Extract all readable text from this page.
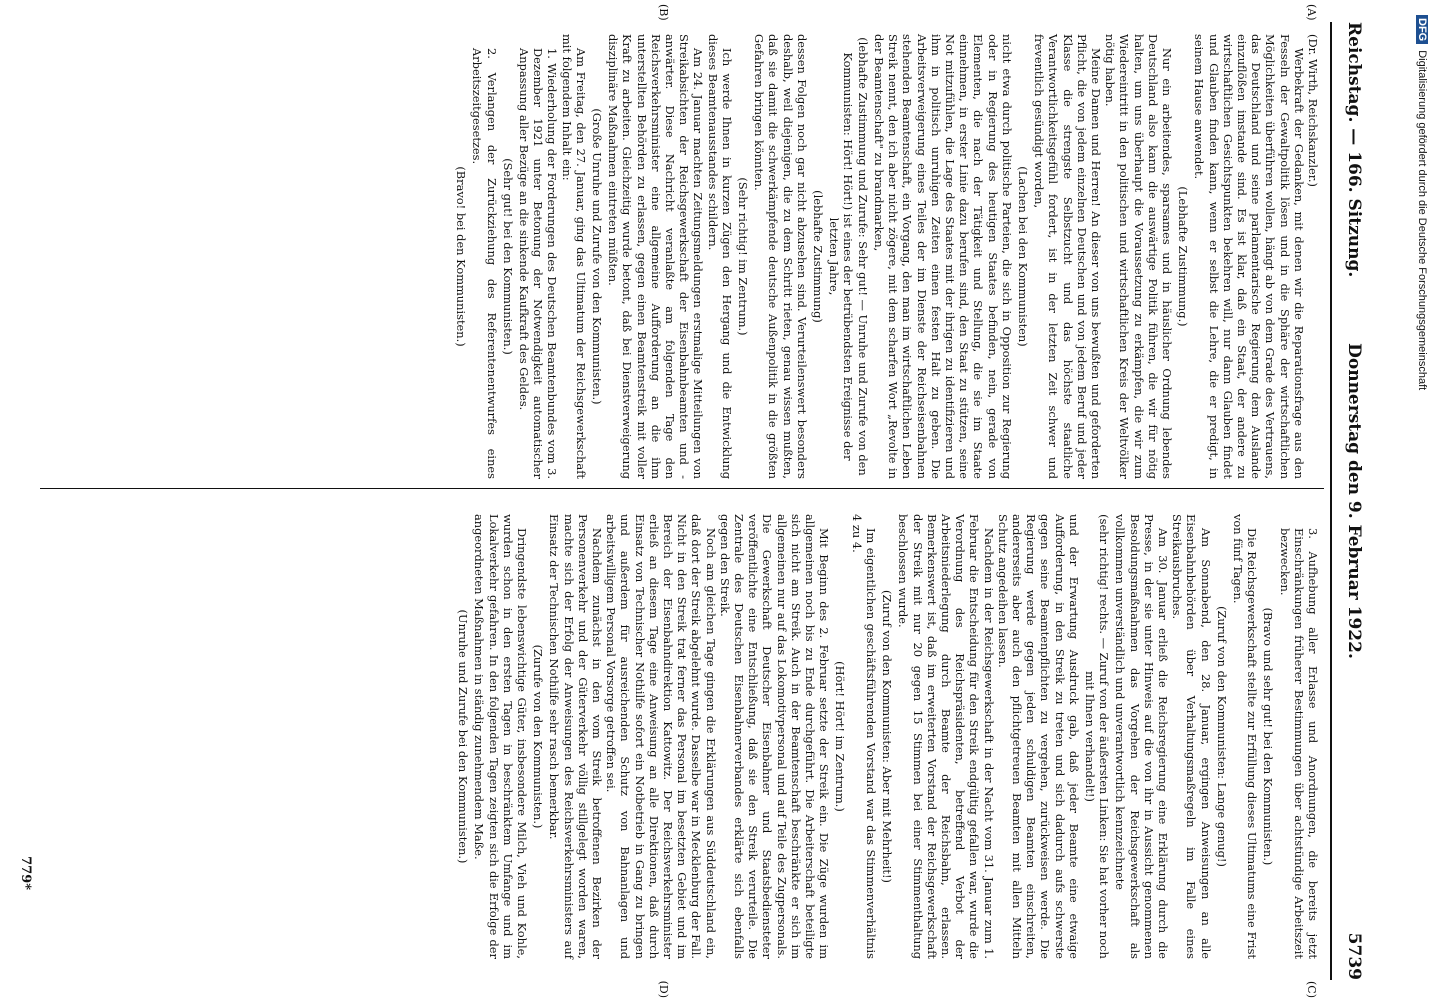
Reichstag. — 166. Sitzung.
Donnerstag den 9. Februar 1922.
5739
(A)
(B)
(C)
(D)

(Dr. Wirth, Reichskanzler.)

Werbekraft der Gedanken, mit denen wir die Reparationsfrage aus den Fesseln der Gewaltpolitik lösen und in die Sphäre der wirtschaftlichen Möglichkeiten überführen wollen, hängt ab von dem Grade des Vertrauens, das Deutschland und seine parlamentarische Regierung dem Auslande einzuflößen imstande sind. Es ist klar, daß ein Staat, der andere zu wirtschaftlichen Gesichtspunkten bekehren will, nur dann Glauben findet und Glauben finden kann, wenn er selbst die Lehre, die er predigt, in seinem Hause anwendet.

(Lebhafte Zustimmung.)

Nur ein arbeitendes, sparsames und in häuslicher Ordnung lebendes Deutschland also kann die auswärtige Politik führen, die wir für nötig halten, um uns überhaupt die Voraussetzung zu erkämpfen, die wir zum Wiedereintritt in den politischen und wirtschaftlichen Kreis der Weltvölker nötig haben.

Meine Damen und Herren! An dieser von uns bewußten und geforderten Pflicht, die von jedem einzelnen Deutschen und von jedem Beruf und jeder Klasse die strengste Selbstzucht und das höchste staatliche Verantwortlichkeitsgefühl fordert, ist in der letzten Zeit schwer und freventlich gesündigt worden,

(Lachen bei den Kommunisten)

nicht etwa durch politische Parteien, die sich in Opposition zur Regierung oder in Regierung des heutigen Staates befinden, nein, gerade von Elementen, die nach der Tätigkeit und Stellung, die sie im Staate einnehmen, in erster Linie dazu berufen sind, den Staat zu stützen, seine Not mitzufühlen, die Lage des Staates mit der ihrigen zu identifizieren und ihm in politisch unruhigen Zeiten einen festen Halt zu geben. Die Arbeitsverweigerung eines Teiles der im Dienste der Reichseisenbahnen stehenden Beamtenschaft, ein Vorgang, den man im wirtschaftlichen Leben Streik nennt, den ich aber nicht zögere, mit dem scharfen Wort „Revolte in der Beamtenschaft" zu brandmarken,

(lebhafte Zustimmung und Zurufe: Sehr gut! — Unruhe und Zurufe von den Kommunisten: Hört! Hört!) ist eines der betrübendsten Ereignisse der letzten Jahre,

(lebhafte Zustimmung)

dessen Folgen noch gar nicht abzusehen sind. Verurteilenswert besonders deshalb, weil diejenigen, die zu dem Schritt rieten, genau wissen mußten, daß sie damit die schwerkämpfende deutsche Außenpolitik in die größten Gefahren bringen könnten.

(Sehr richtig! im Zentrum.)

Ich werde Ihnen in kurzen Zügen den Hergang und die Entwicklung dieses Beamtenausstandes schildern.

Am 24. Januar machten Zeitungsmeldungen erstmalige Mitteilungen von Streikabsichten der Reichsgewerkschaft der Eisenbahnbeamten und -anwärter. Diese Nachricht veranlaßte am folgenden Tage den Reichsverkehrsminister eine allgemeine Aufforderung an die ihm unterstellten Behörden zu erlassen, gegen einen Beamtenstreik mit voller Kraft zu arbeiten. Gleichzeitig wurde betont, daß bei Dienstverweigerung disziplinäre Maßnahmen eintreten müßten.

(Große Unruhe und Zurufe von den Kommunisten.)

Am Freitag, den 27. Januar, ging das Ultimatum der Reichsgewerkschaft mit folgendem Inhalt ein:

1. Wiederholung der Forderungen des Deutschen Beamtenbundes vom 3. Dezember 1921 unter Betonung der Notwendigkeit automatischer Anpassung aller Bezüge an die sinkende Kaufkraft des Geldes.

(Sehr gut! bei den Kommunisten.)

2. Verlangen der Zurückziehung des Referentenentwurfes eines Arbeitszeitgesetzes.

(Bravo! bei den Kommunisten.)

3. Aufhebung aller Erlasse und Anordnungen, die bereits jetzt Einschränkungen früherer Bestimmungen über achtstündige Arbeitszeit bezwecken.

(Bravo und sehr gut! bei den Kommunisten.)

Die Reichsgewerkschaft stellte zur Erfüllung dieses Ultimatums eine Frist von fünf Tagen.

(Zuruf von den Kommunisten: Lange genug!)

Am Sonnabend, den 28. Januar, ergingen Anweisungen an alle Eisenbahnbehörden über Verhaltungsmaßregeln im Falle eines Streikausbruches.

Am 30. Januar erließ die Reichsregierung eine Erklärung durch die Presse, in der sie unter Hinweis auf die von ihr in Aussicht genommenen Besoldungsmaßnahmen das Vorgehen der Reichsgewerkschaft als vollkommen unverständlich und unverantwortlich kennzeichnete

(sehr richtig! rechts. — Zuruf von der äußersten Linken: Sie hat vorher noch mit Ihnen verhandelt!)

und der Erwartung Ausdruck gab, daß jeder Beamte eine etwaige Aufforderung, in den Streik zu treten und sich dadurch aufs schwerste gegen seine Beamtenpflichten zu vergehen, zurückweisen werde. Die Regierung werde gegen jeden schuldigen Beamten einschreiten, andererseits aber auch den pflichtgetreuen Beamten mit allen Mitteln Schutz angedeihen lassen.

Nachdem in der Reichsgewerkschaft in der Nacht vom 31. Januar zum 1. Februar die Entscheidung für den Streik endgültig gefallen war, wurde die Verordnung des Reichspräsidenten, betreffend Verbot der Arbeitsniederlegung durch Beamte der Reichsbahn, erlassen. Bemerkenswert ist, daß im erweiterten Vorstand der Reichsgewerkschaft der Streik mit nur 20 gegen 15 Stimmen bei einer Stimmenthaltung beschlossen wurde.

(Zuruf von den Kommunisten: Aber mit Mehrheit!)

Im eigentlichen geschäftsführenden Vorstand war das Stimmenverhältnis 4 zu 4.

(Hört! Hört! im Zentrum.)

Mit Beginn des 2. Februar setzte der Streik ein. Die Züge wurden im allgemeinen noch bis zu Ende durchgeführt. Die Arbeiterschaft beteiligte sich nicht am Streik. Auch in der Beamtenschaft beschränkte er sich im allgemeinen nur auf das Lokomotivpersonal und auf Teile des Zugpersonals. Die Gewerkschaft Deutscher Eisenbahner und Staatsbediensteter veröffentlichte eine Entschließung, daß sie den Streik verurteile. Die Zentrale des Deutschen Eisenbahnerverbandes erklärte sich ebenfalls gegen den Streik.

Noch am gleichen Tage gingen die Erklärungen aus Süddeutschland ein, daß dort der Streik abgelehnt wurde. Dasselbe war in Mecklenburg der Fall. Nicht in den Streik trat ferner das Personal im besetzten Gebiet und im Bereich der Eisenbahndirektion Kattowitz. Der Reichsverkehrsminister erließ an diesem Tage eine Anweisung an alle Direktionen, daß durch Einsatz von Technischer Nothilfe sofort ein Notbetrieb in Gang zu bringen und außerdem für ausreichenden Schutz von Bahnanlagen und arbeitswilligem Personal Vorsorge getroffen sei.

Nachdem zunächst in den vom Streik betroffenen Bezirken der Personenverkehr und der Güterverkehr völlig stillgelegt worden waren, machte sich der Erfolg der Anweisungen des Reichsverkehrsministers auf Einsatz der Technischen Nothilfe sehr rasch bemerkbar.

(Zurufe von den Kommunisten.)

Dringendste lebenswichtige Güter, insbesondere Milch, Vieh und Kohle, wurden schon in den ersten Tagen in beschränktem Umfange und im Lokalverkehr gefahren. In den folgenden Tagen zeigten sich die Erfolge der angeordneten Maßnahmen in ständig zunehmendem Maße.

(Unruhe und Zurufe bei den Kommunisten.)

779*
DFGDigitalisierung gefördert durch die Deutsche Forschungsgemeinschaft
